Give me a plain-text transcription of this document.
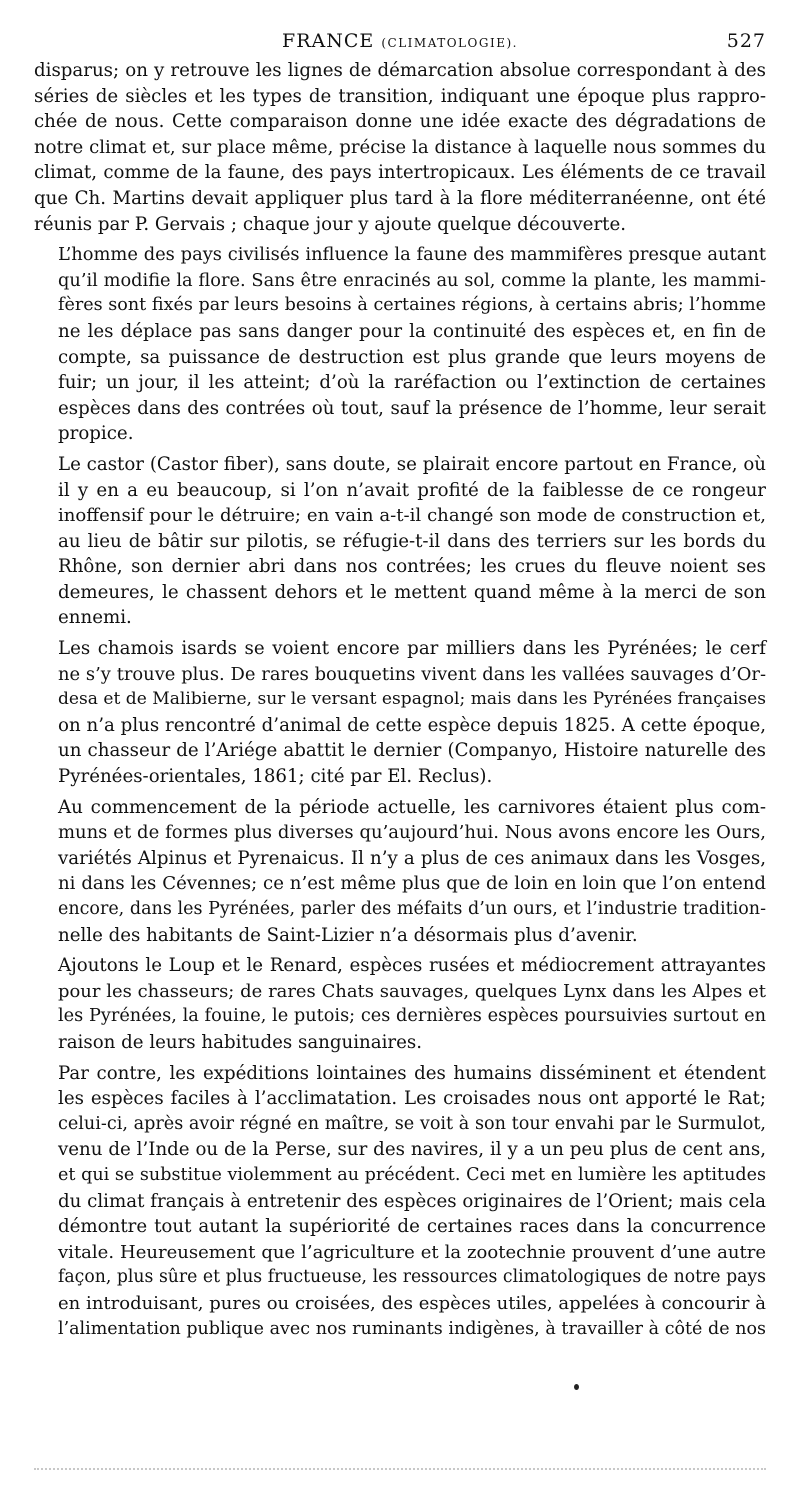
FRANCE (CLIMATOLOGIE).	527

disparus; on y retrouve les lignes de démarcation absolue correspondant à des
séries de siècles et les types de transition, indiquant une époque plus rappro-
chée de nous. Cette comparaison donne une idée exacte des dégradations de
notre climat et, sur place même, précise la distance à laquelle nous sommes du
climat, comme de la faune, des pays intertropicaux. Les éléments de ce travail
que Ch. Martins devait appliquer plus tard à la flore méditerranéenne, ont été
réunis par P. Gervais ; chaque jour y ajoute quelque découverte.

L’homme des pays civilisés influence la faune des mammifères presque autant
qu’il modifie la flore. Sans être enracinés au sol, comme la plante, les mammi-
fères sont fixés par leurs besoins à certaines régions, à certains abris; l’homme
ne les déplace pas sans danger pour la continuité des espèces et, en fin de
compte, sa puissance de destruction est plus grande que leurs moyens de
fuir; un jour, il les atteint; d’où la raréfaction ou l’extinction de certaines
espèces dans des contrées où tout, sauf la présence de l’homme, leur serait
propice.

Le castor (Castor fiber), sans doute, se plairait encore partout en France, où
il y en a eu beaucoup, si l’on n’avait profité de la faiblesse de ce rongeur
inoffensif pour le détruire; en vain a-t-il changé son mode de construction et,
au lieu de bâtir sur pilotis, se réfugie-t-il dans des terriers sur les bords du
Rhône, son dernier abri dans nos contrées; les crues du fleuve noient ses
demeures, le chassent dehors et le mettent quand même à la merci de son
ennemi.

Les chamois isards se voient encore par milliers dans les Pyrénées; le cerf
ne s’y trouve plus. De rares bouquetins vivent dans les vallées sauvages d’Or-
desa et de Malibierne, sur le versant espagnol; mais dans les Pyrénées françaises
on n’a plus rencontré d’animal de cette espèce depuis 1825. A cette époque,
un chasseur de l’Ariége abattit le dernier (Companyo, Histoire naturelle des
Pyrénées-orientales, 1861; cité par El. Reclus).

Au commencement de la période actuelle, les carnivores étaient plus com-
muns et de formes plus diverses qu’aujourd’hui. Nous avons encore les Ours,
variétés Alpinus et Pyrenaicus. Il n’y a plus de ces animaux dans les Vosges,
ni dans les Cévennes; ce n’est même plus que de loin en loin que l’on entend
encore, dans les Pyrénées, parler des méfaits d’un ours, et l’industrie tradition-
nelle des habitants de Saint-Lizier n’a désormais plus d’avenir.

Ajoutons le Loup et le Renard, espèces rusées et médiocrement attrayantes
pour les chasseurs; de rares Chats sauvages, quelques Lynx dans les Alpes et
les Pyrénées, la fouine, le putois; ces dernières espèces poursuivies surtout en
raison de leurs habitudes sanguinaires.

Par contre, les expéditions lointaines des humains disséminent et étendent
les espèces faciles à l’acclimatation. Les croisades nous ont apporté le Rat;
celui-ci, après avoir régné en maître, se voit à son tour envahi par le Surmulot,
venu de l’Inde ou de la Perse, sur des navires, il y a un peu plus de cent ans,
et qui se substitue violemment au précédent. Ceci met en lumière les aptitudes
du climat français à entretenir des espèces originaires de l’Orient; mais cela
démontre tout autant la supériorité de certaines races dans la concurrence
vitale. Heureusement que l’agriculture et la zootechnie prouvent d’une autre
façon, plus sûre et plus fructueuse, les ressources climatologiques de notre pays
en introduisant, pures ou croisées, des espèces utiles, appelées à concourir à
l’alimentation publique avec nos ruminants indigènes, à travailler à côté de nos
